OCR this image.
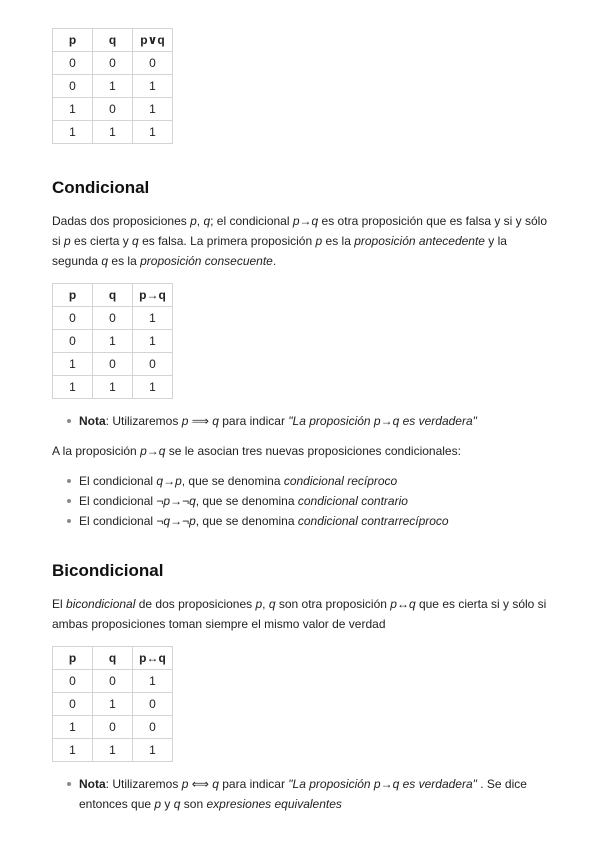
p	q	p∨q
0	0	0
0	1	1
1	0	1
1	1	1
Condicional

Dadas dos proposiciones p, q; el condicional p→q es otra proposición que es falsa y si y sólo si p es cierta y q es falsa. La primera proposición p es la proposición antecedente y la segunda q es la proposición consecuente.

p	q	p→q
0	0	1
0	1	1
1	0	0
1	1	1
Nota: Utilizaremos p ⟹ q para indicar "La proposición p→q es verdadera"

A la proposición p→q se le asocian tres nuevas proposiciones condicionales:

El condicional q→p, que se denomina condicional recíproco
El condicional ¬p→¬q, que se denomina condicional contrario
El condicional ¬q→¬p, que se denomina condicional contrarrecíproco
Bicondicional

El bicondicional de dos proposiciones p, q son otra proposición p↔q que es cierta si y sólo si ambas proposiciones toman siempre el mismo valor de verdad

p	q	p↔q
0	0	1
0	1	0
1	0	0
1	1	1
Nota: Utilizaremos p ⟺ q para indicar "La proposición p→q es verdadera" . Se dice entonces que p y q son expresiones equivalentes
